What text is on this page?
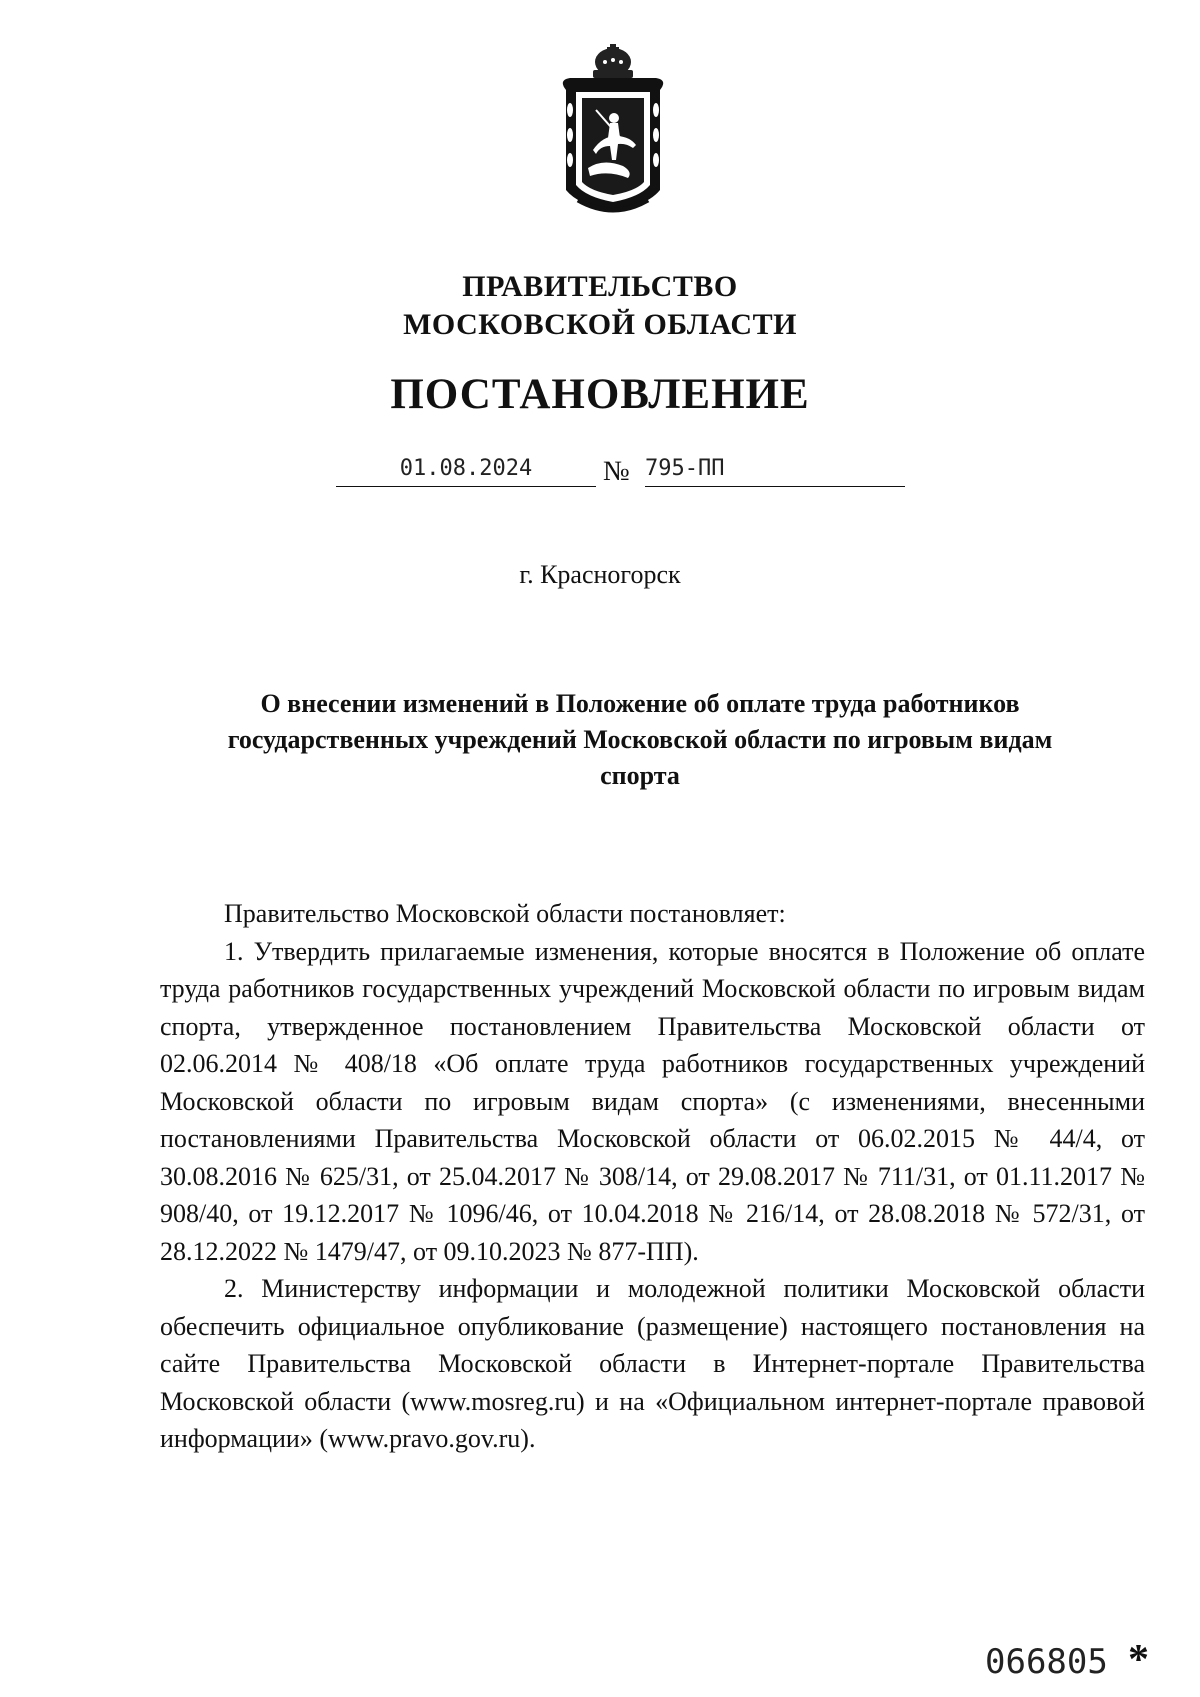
ПРАВИТЕЛЬСТВО
МОСКОВСКОЙ ОБЛАСТИ
ПОСТАНОВЛЕНИЕ
01.08.2024	№ 795-ПП
г. Красногорск
О внесении изменений в Положение об оплате труда работников государственных учреждений Московской области по игровым видам спорта

Правительство Московской области постановляет:

1. Утвердить прилагаемые изменения, которые вносятся в Положение об оплате труда работников государственных учреждений Московской области по игровым видам спорта, утвержденное постановлением Правительства Московской области от 02.06.2014 № 408/18 «Об оплате труда работников государственных учреждений Московской области по игровым видам спорта» (с изменениями, внесенными постановлениями Правительства Московской области от 06.02.2015 № 44/4, от 30.08.2016 № 625/31, от 25.04.2017 № 308/14, от 29.08.2017 № 711/31, от 01.11.2017 № 908/40, от 19.12.2017 № 1096/46, от 10.04.2018 № 216/14, от 28.08.2018 № 572/31, от 28.12.2022 № 1479/47, от 09.10.2023 № 877-ПП).

2. Министерству информации и молодежной политики Московской области обеспечить официальное опубликование (размещение) настоящего постановления на сайте Правительства Московской области в Интернет-портале Правительства Московской области (www.mosreg.ru) и на «Официальном интернет-портале правовой информации» (www.pravo.gov.ru).

066805 *
